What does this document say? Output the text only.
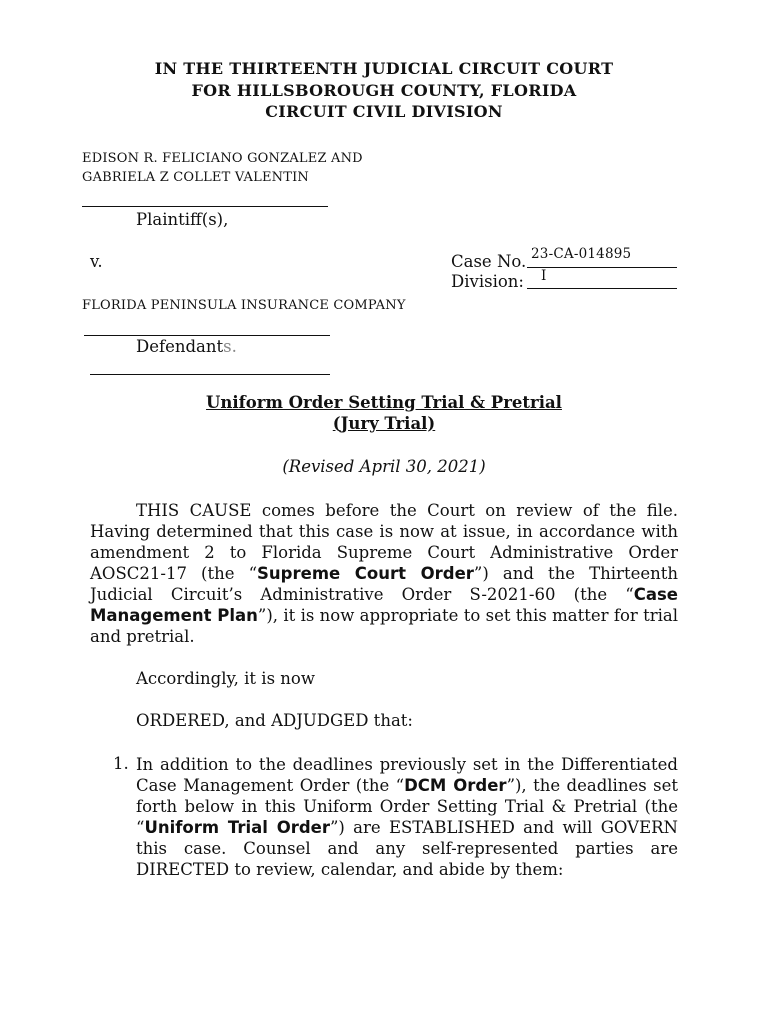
IN THE THIRTEENTH JUDICIAL CIRCUIT COURT
FOR HILLSBOROUGH COUNTY, FLORIDA
CIRCUIT CIVIL DIVISION
EDISON R. FELICIANO GONZALEZ AND
GABRIELA Z COLLET VALENTIN
Plaintiff(s),
v.	Case No. 23-CA-014895
Division: I
FLORIDA PENINSULA INSURANCE COMPANY
Defendants.
Uniform Order Setting Trial & Pretrial
(Jury Trial)
(Revised April 30, 2021)
THIS CAUSE comes before the Court on review of the file.
Having determined that this case is now at issue, in accordance with
amendment 2 to Florida Supreme Court Administrative Order
AOSC21-17 (the “Supreme Court Order”) and the Thirteenth
Judicial Circuit’s Administrative Order S-2021-60 (the “Case
Management Plan”), it is now appropriate to set this matter for trial
and pretrial.
Accordingly, it is now
ORDERED, and ADJUDGED that:
1. In addition to the deadlines previously set in the Differentiated
Case Management Order (the “DCM Order”), the deadlines set
forth below in this Uniform Order Setting Trial & Pretrial (the
“Uniform Trial Order”) are ESTABLISHED and will GOVERN
this case. Counsel and any self-represented parties are
DIRECTED to review, calendar, and abide by them:
